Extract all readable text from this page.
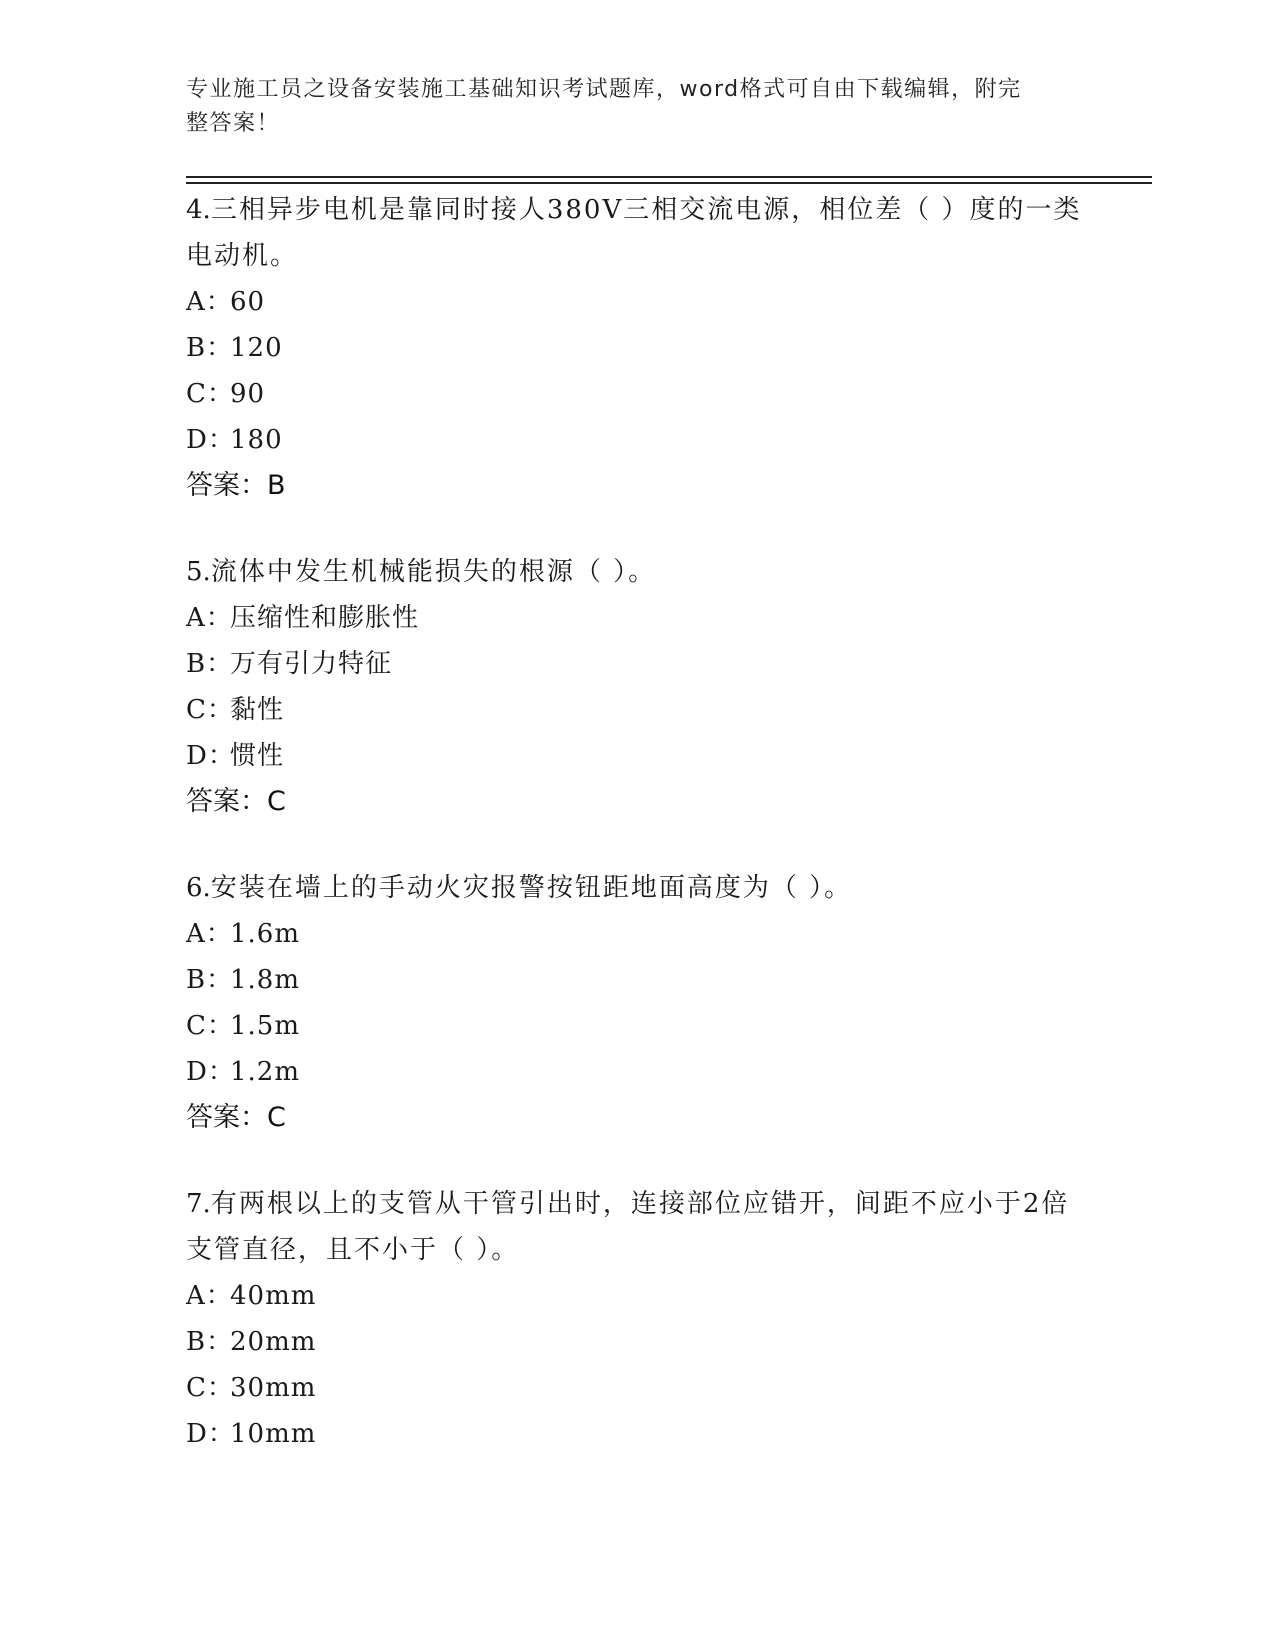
专业施工员之设备安装施工基础知识考试题库，word格式可自由下载编辑，附完
整答案！
4.三相异步电机是靠同时接人380V三相交流电源，相位差（ ）度的一类电动机。
A：60
B：120
C：90
D：180
答案：B
5.流体中发生机械能损失的根源（ ）。
A：压缩性和膨胀性
B：万有引力特征
C：黏性
D：惯性
答案：C
6.安装在墙上的手动火灾报警按钮距地面高度为（ ）。
A：1.6m
B：1.8m
C：1.5m
D：1.2m
答案：C
7.有两根以上的支管从干管引出时，连接部位应错开，间距不应小于2倍支管直径，且不小于（ ）。
A：40mm
B：20mm
C：30mm
D：10mm
